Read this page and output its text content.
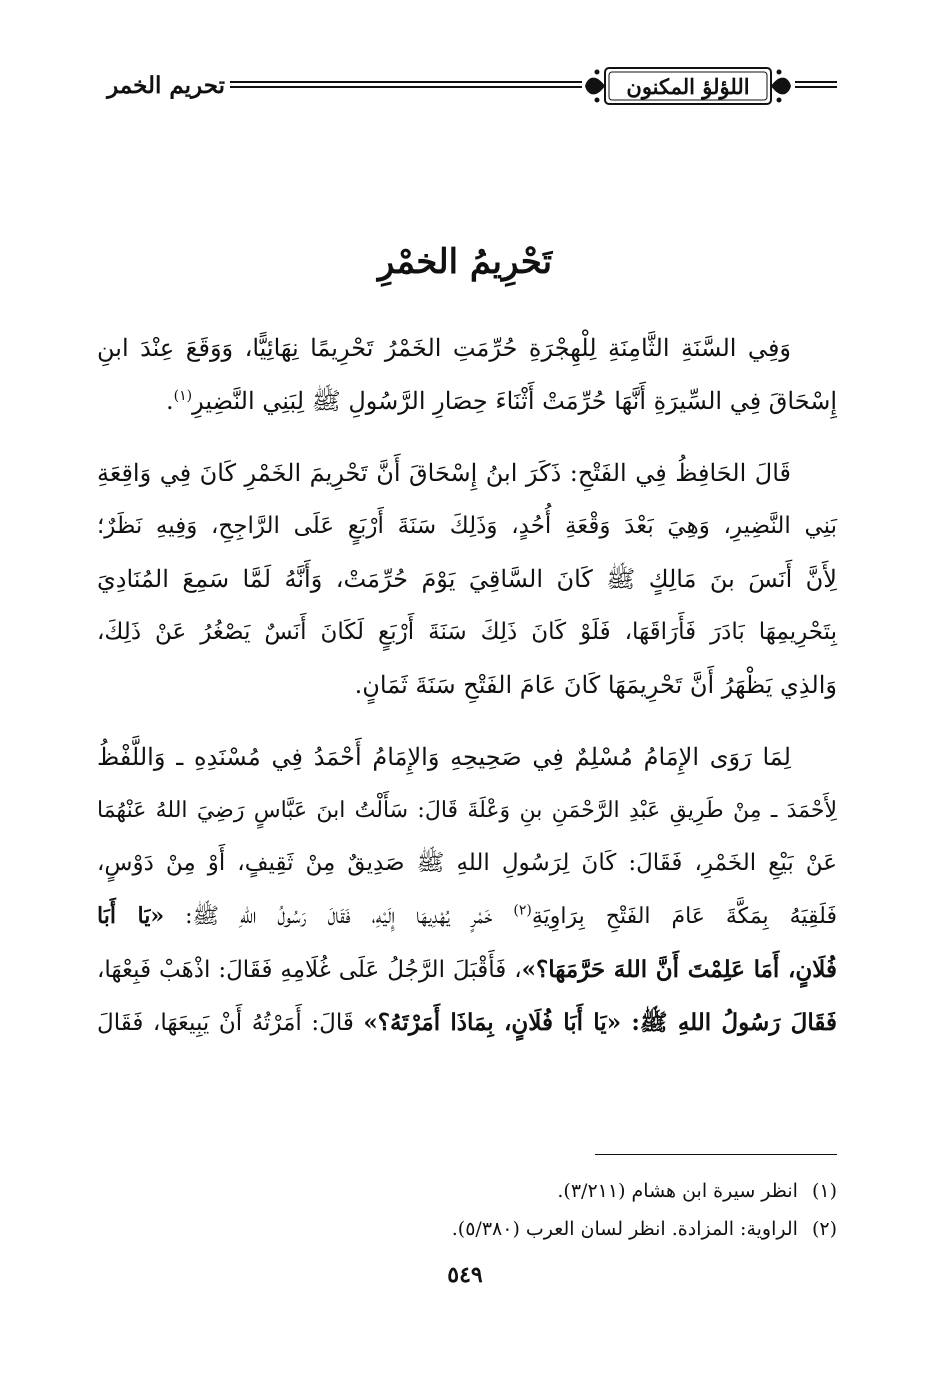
تحريم الخمر	اللؤلؤ المكنون
تَحْرِيمُ الخمْرِ
وَفِي السَّنَةِ الثَّامِنَةِ لِلْهِجْرَةِ حُرِّمَتِ الخَمْرُ تَحْرِيمًا نِهَائِيًّا، وَوَقَعَ عِنْدَ ابنِ
إِسْحَاقَ فِي السِّيرَةِ أَنَّهَا حُرِّمَتْ أَثْنَاءَ حِصَارِ الرَّسُولِ ﷺ لِبَنِي النَّضِيرِ$^{(١)}$.
قَالَ الحَافِظُ فِي الفَتْحِ: ذَكَرَ ابنُ إِسْحَاقَ أَنَّ تَحْرِيمَ الخَمْرِ كَانَ فِي وَاقِعَةِ
بَنِي النَّضِيرِ، وَهِيَ بَعْدَ وَقْعَةِ أُحُدٍ، وَذَلِكَ سَنَةَ أَرْبَعٍ عَلَى الرَّاجِحِ، وَفِيهِ نَظَرٌ؛
لِأَنَّ أَنَسَ بنَ مَالِكٍ ﷺ كَانَ السَّاقِيَ يَوْمَ حُرِّمَتْ، وَأَنَّهُ لَمَّا سَمِعَ المُنَادِيَ
بِتَحْرِيمِهَا بَادَرَ فَأَرَاقَهَا، فَلَوْ كَانَ ذَلِكَ سَنَةَ أَرْبَعٍ لَكَانَ أَنَسٌ يَصْغُرُ عَنْ ذَلِكَ،
وَالذِي يَظْهَرُ أَنَّ تَحْرِيمَهَا كَانَ عَامَ الفَتْحِ سَنَةَ ثَمَانٍ.
لِمَا رَوَى الإِمَامُ مُسْلِمٌ فِي صَحِيحِهِ وَالإِمَامُ أَحْمَدُ فِي مُسْنَدِهِ ـ وَاللَّفْظُ
لِأَحْمَدَ ـ مِنْ طَرِيقِ عَبْدِ الرَّحْمَنِ بنِ وَعْلَةَ قَالَ: سَأَلْتُ ابنَ عَبَّاسٍ رَضِيَ اللهُ عَنْهُمَا
عَنْ بَيْعِ الخَمْرِ، فَقَالَ: كَانَ لِرَسُولِ اللهِ ﷺ صَدِيقٌ مِنْ ثَقِيفٍ، أَوْ مِنْ دَوْسٍ،
فَلَقِيَهُ بِمَكَّةَ عَامَ الفَتْحِ بِرَاوِيَةِ$^{(٢)}$ خَمْرٍ يُهْدِيهَا إِلَيْهِ، فَقَالَ رَسُولُ اللهِ ﷺ: «يَا أَبَا
فُلَانٍ، أَمَا عَلِمْتَ أَنَّ اللهَ حَرَّمَهَا؟»، فَأَقْبَلَ الرَّجُلُ عَلَى غُلَامِهِ فَقَالَ: اذْهَبْ فَبِعْهَا،
فَقَالَ رَسُولُ اللهِ ﷺ: «يَا أَبَا فُلَانٍ، بِمَاذَا أَمَرْتَهُ؟» قَالَ: أَمَرْتُهُ أَنْ يَبِيعَهَا، فَقَالَ
(١)انظر سيرة ابن هشام (٣/٢١١).
(٢)الراوية: المزادة. انظر لسان العرب (٥/٣٨٠).
٥٤٩
